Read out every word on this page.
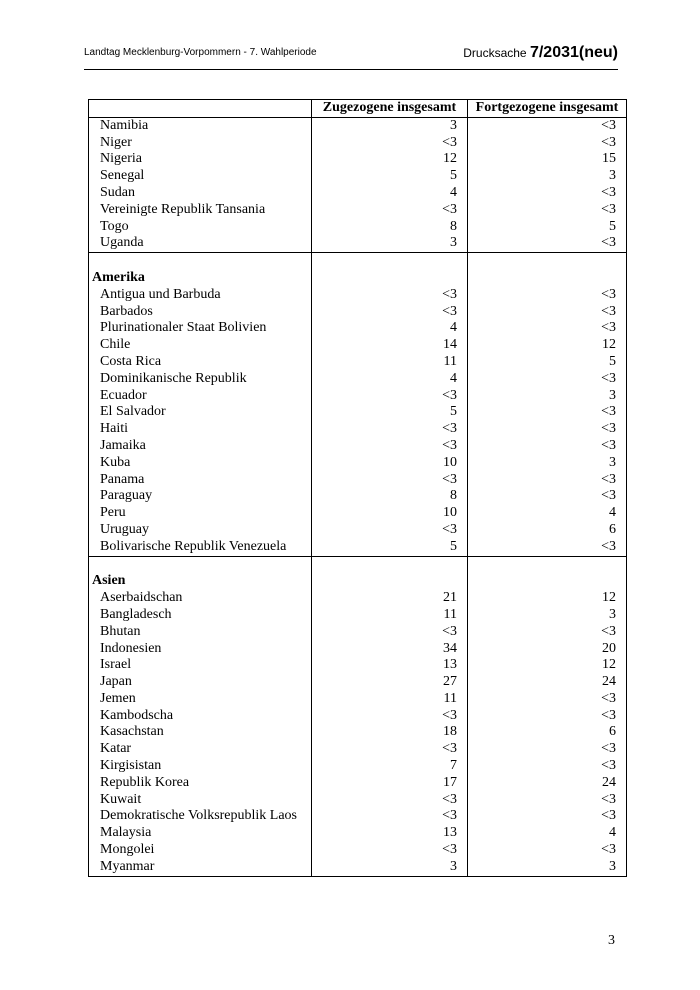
Landtag Mecklenburg-Vorpommern - 7. Wahlperiode	Drucksache 7/2031(neu)
	Zugezogene insgesamt	Fortgezogene insgesamt
Namibia	3	<3
Niger	<3	<3
Nigeria	12	15
Senegal	5	3
Sudan	4	<3
Vereinigte Republik Tansania	<3	<3
Togo	8	5
Uganda	3	<3

Amerika		
Antigua und Barbuda	<3	<3
Barbados	<3	<3
Plurinationaler Staat Bolivien	4	<3
Chile	14	12
Costa Rica	11	5
Dominikanische Republik	4	<3
Ecuador	<3	3
El Salvador	5	<3
Haiti	<3	<3
Jamaika	<3	<3
Kuba	10	3
Panama	<3	<3
Paraguay	8	<3
Peru	10	4
Uruguay	<3	6
Bolivarische Republik Venezuela	5	<3

Asien		
Aserbaidschan	21	12
Bangladesch	11	3
Bhutan	<3	<3
Indonesien	34	20
Israel	13	12
Japan	27	24
Jemen	11	<3
Kambodscha	<3	<3
Kasachstan	18	6
Katar	<3	<3
Kirgisistan	7	<3
Republik Korea	17	24
Kuwait	<3	<3
Demokratische Volksrepublik Laos	<3	<3
Malaysia	13	4
Mongolei	<3	<3
Myanmar	3	3
3
